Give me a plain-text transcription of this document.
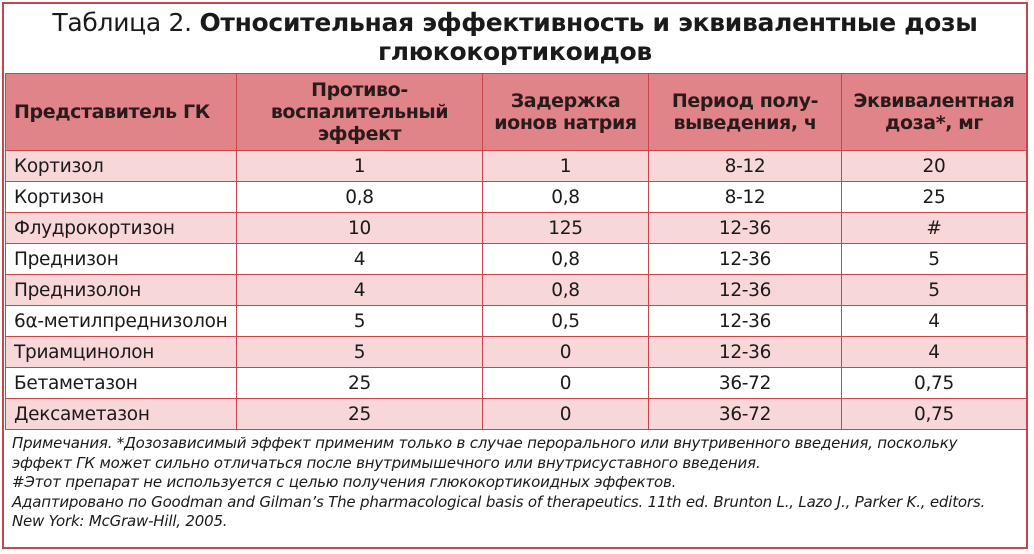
Таблица 2. Относительная эффективность и эквивалентные дозы
глюкокортикоидов
Представитель ГК	Противо-воспалительный эффект	Задержка ионов натрия	Период полу-выведения, ч	Эквивалентная доза*, мг
Кортизол	1	1	8-12	20
Кортизон	0,8	0,8	8-12	25
Флудрокортизон	10	125	12-36	#
Преднизон	4	0,8	12-36	5
Преднизолон	4	0,8	12-36	5
6α-метилпреднизолон	5	0,5	12-36	4
Триамцинолон	5	0	12-36	4
Бетаметазон	25	0	36-72	0,75
Дексаметазон	25	0	36-72	0,75
Примечания. *Дозозависимый эффект применим только в случае перорального или внутривенного введения, поскольку
эффект ГК может сильно отличаться после внутримышечного или внутрисуставного введения.
#Этот препарат не используется с целью получения глюкокортикоидных эффектов.
Адаптировано по Goodman and Gilman’s The pharmacological basis of therapeutics. 11th ed. Brunton L., Lazo J., Parker K., editors.
New York: McGraw-Hill, 2005.
